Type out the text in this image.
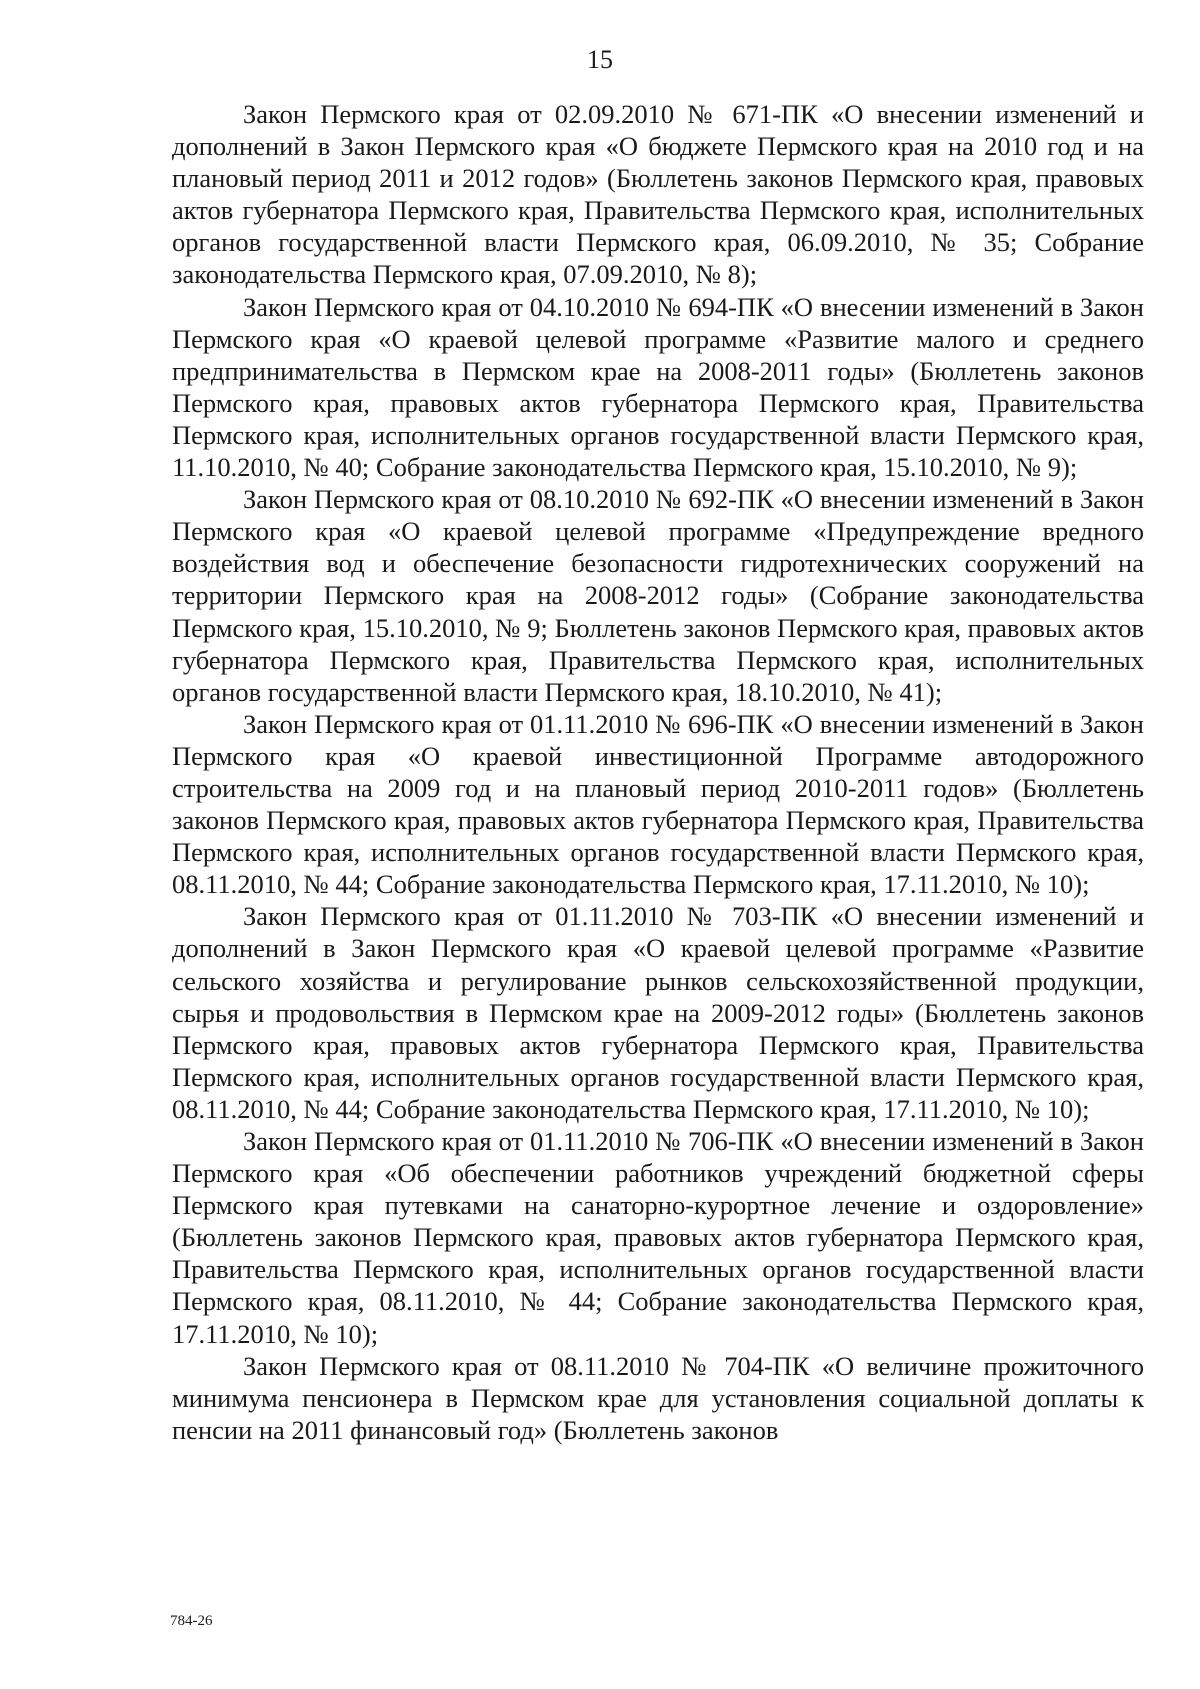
15

Закон Пермского края от 02.09.2010 № 671-ПК «О внесении изменений и дополнений в Закон Пермского края «О бюджете Пермского края на 2010 год и на плановый период 2011 и 2012 годов» (Бюллетень законов Пермского края, правовых актов губернатора Пермского края, Правительства Пермского края, исполнительных органов государственной власти Пермского края, 06.09.2010, № 35; Собрание законодательства Пермского края, 07.09.2010, № 8);

Закон Пермского края от 04.10.2010 № 694-ПК «О внесении изменений в Закон Пермского края «О краевой целевой программе «Развитие малого и среднего предпринимательства в Пермском крае на 2008-2011 годы» (Бюллетень законов Пермского края, правовых актов губернатора Пермского края, Правительства Пермского края, исполнительных органов государственной власти Пермского края, 11.10.2010, № 40; Собрание законодательства Пермского края, 15.10.2010, № 9);

Закон Пермского края от 08.10.2010 № 692-ПК «О внесении изменений в Закон Пермского края «О краевой целевой программе «Предупреждение вредного воздействия вод и обеспечение безопасности гидротехнических сооружений на территории Пермского края на 2008-2012 годы» (Собрание законодательства Пермского края, 15.10.2010, № 9; Бюллетень законов Пермского края, правовых актов губернатора Пермского края, Правительства Пермского края, исполнительных органов государственной власти Пермского края, 18.10.2010, № 41);

Закон Пермского края от 01.11.2010 № 696-ПК «О внесении изменений в Закон Пермского края «О краевой инвестиционной Программе автодорожного строительства на 2009 год и на плановый период 2010-2011 годов» (Бюллетень законов Пермского края, правовых актов губернатора Пермского края, Правительства Пермского края, исполнительных органов государственной власти Пермского края, 08.11.2010, № 44; Собрание законодательства Пермского края, 17.11.2010, № 10);

Закон Пермского края от 01.11.2010 № 703-ПК «О внесении изменений и дополнений в Закон Пермского края «О краевой целевой программе «Развитие сельского хозяйства и регулирование рынков сельскохозяйственной продукции, сырья и продовольствия в Пермском крае на 2009-2012 годы» (Бюллетень законов Пермского края, правовых актов губернатора Пермского края, Правительства Пермского края, исполнительных органов государственной власти Пермского края, 08.11.2010, № 44; Собрание законодательства Пермского края, 17.11.2010, № 10);

Закон Пермского края от 01.11.2010 № 706-ПК «О внесении изменений в Закон Пермского края «Об обеспечении работников учреждений бюджетной сферы Пермского края путевками на санаторно-курортное лечение и оздоровление» (Бюллетень законов Пермского края, правовых актов губернатора Пермского края, Правительства Пермского края, исполнительных органов государственной власти Пермского края, 08.11.2010, № 44; Собрание законодательства Пермского края, 17.11.2010, № 10);

Закон Пермского края от 08.11.2010 № 704-ПК «О величине прожиточного минимума пенсионера в Пермском крае для установления социальной доплаты к пенсии на 2011 финансовый год» (Бюллетень законов

784-26
